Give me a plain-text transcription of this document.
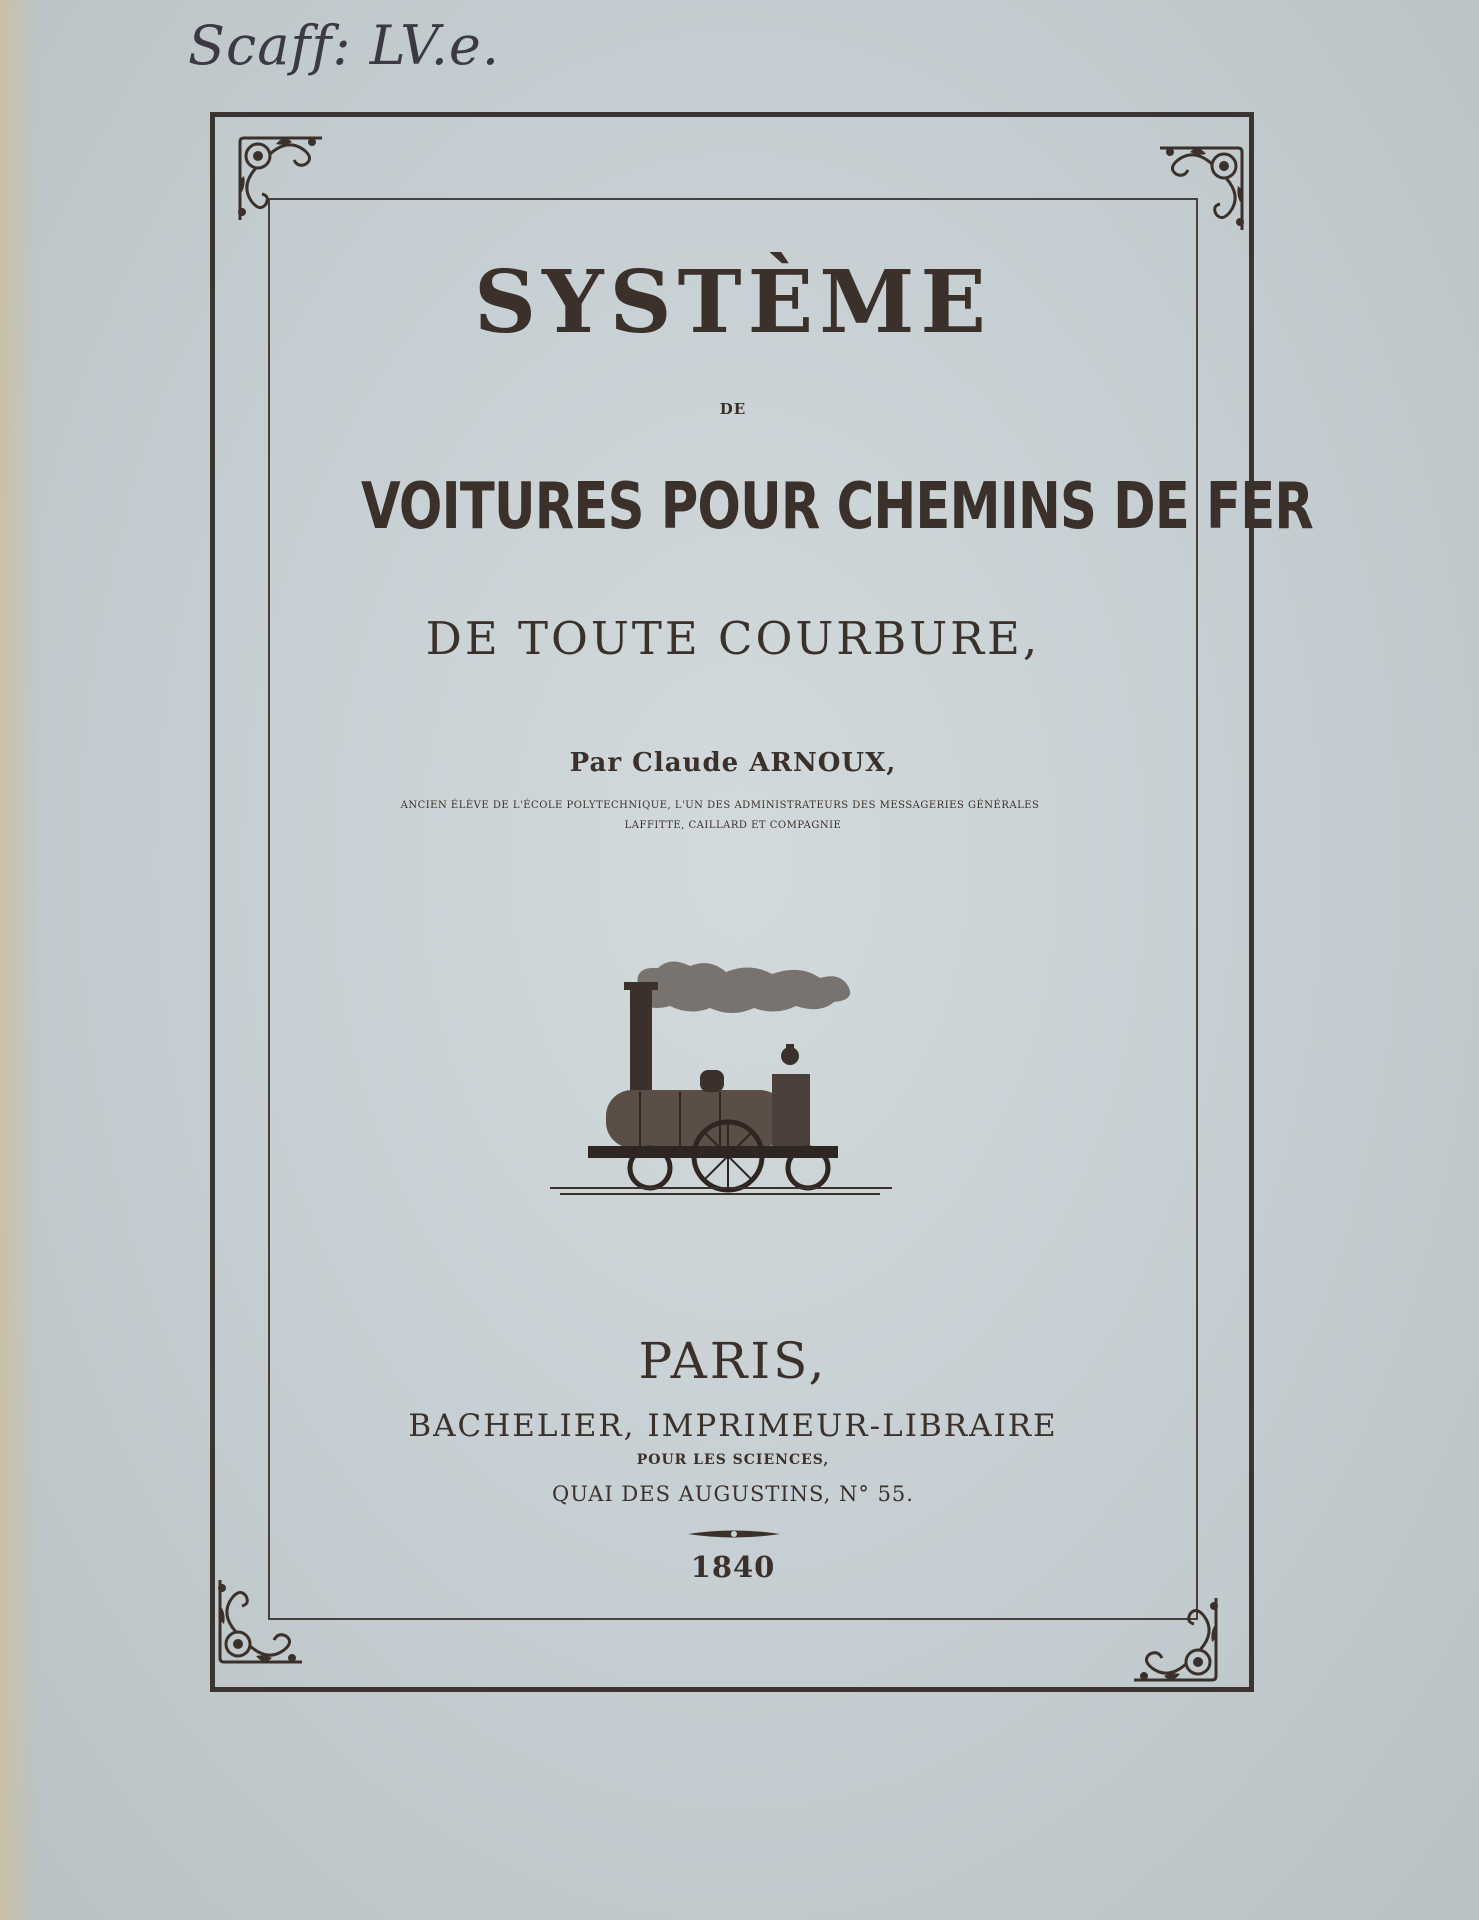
Scaff: LV.e.
SYSTÈME
DE
VOITURES POUR CHEMINS DE FER
DE TOUTE COURBURE,
Par Claude ARNOUX,
ANCIEN ÉLÈVE DE L'ÉCOLE POLYTECHNIQUE, L'UN DES ADMINISTRATEURS DES MESSAGERIES GÉNÉRALES
LAFFITTE, CAILLARD ET COMPAGNIE
PARIS,
BACHELIER, IMPRIMEUR-LIBRAIRE
POUR LES SCIENCES,
QUAI DES AUGUSTINS, N° 55.
1840
